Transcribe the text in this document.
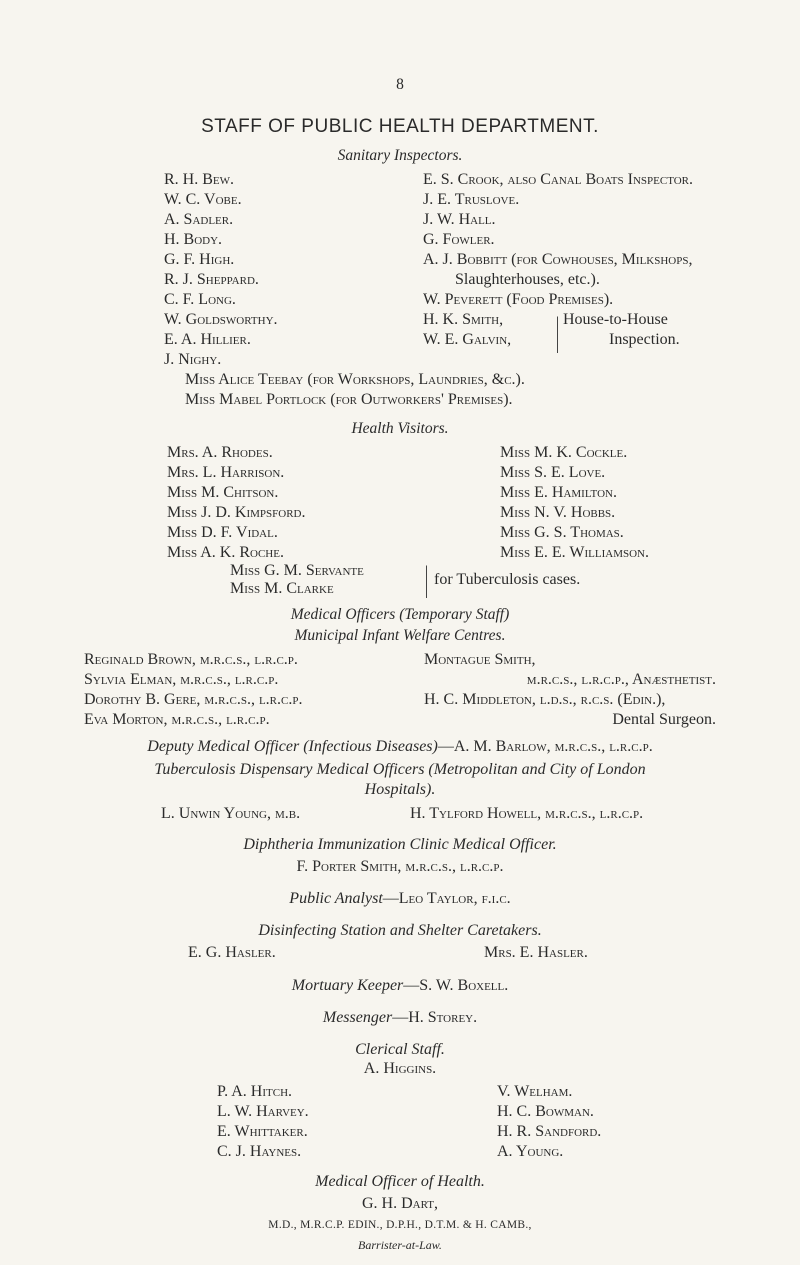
8
STAFF OF PUBLIC HEALTH DEPARTMENT.
Sanitary Inspectors.
R. H. Bew.
W. C. Vobe.
A. Sadler.
H. Body.
G. F. High.
R. J. Sheppard.
C. F. Long.
W. Goldsworthy.
E. A. Hillier.
J. Nighy.
E. S. Crook, also Canal Boats Inspector.
J. E. Truslove.
J. W. Hall.
G. Fowler.
A. J. Bobbitt (for Cowhouses, Milkshops,
Slaughterhouses, etc.).
W. Peverett (Food Premises).
H. K. Smith,
W. E. Galvin,
House-to-House
Inspection.
Miss Alice Teebay (for Workshops, Laundries, &c.).
Miss Mabel Portlock (for Outworkers' Premises).
Health Visitors.
Mrs. A. Rhodes.
Mrs. L. Harrison.
Miss M. Chitson.
Miss J. D. Kimpsford.
Miss D. F. Vidal.
Miss A. K. Roche.
Miss M. K. Cockle.
Miss S. E. Love.
Miss E. Hamilton.
Miss N. V. Hobbs.
Miss G. S. Thomas.
Miss E. E. Williamson.
Miss G. M. Servante
Miss M. Clarke
for Tuberculosis cases.
Medical Officers (Temporary Staff)
Municipal Infant Welfare Centres.
Reginald Brown, m.r.c.s., l.r.c.p.
Sylvia Elman, m.r.c.s., l.r.c.p.
Dorothy B. Gere, m.r.c.s., l.r.c.p.
Eva Morton, m.r.c.s., l.r.c.p.
Montague Smith,
m.r.c.s., l.r.c.p., Anæsthetist.
H. C. Middleton, l.d.s., r.c.s. (Edin.),
Dental Surgeon.
Deputy Medical Officer (Infectious Diseases)—A. M. Barlow, m.r.c.s., l.r.c.p.
Tuberculosis Dispensary Medical Officers (Metropolitan and City of London
Hospitals).
L. Unwin Young, m.b.	H. Tylford Howell, m.r.c.s., l.r.c.p.
Diphtheria Immunization Clinic Medical Officer.
F. Porter Smith, m.r.c.s., l.r.c.p.
Public Analyst—Leo Taylor, f.i.c.
Disinfecting Station and Shelter Caretakers.
E. G. Hasler.	Mrs. E. Hasler.
Mortuary Keeper—S. W. Boxell.
Messenger—H. Storey.
Clerical Staff.
A. Higgins.
P. A. Hitch.
L. W. Harvey.
E. Whittaker.
C. J. Haynes.
V. Welham.
H. C. Bowman.
H. R. Sandford.
A. Young.
Medical Officer of Health.
G. H. Dart,
M.D., M.R.C.P. EDIN., D.P.H., D.T.M. & H. CAMB.,
Barrister-at-Law.
